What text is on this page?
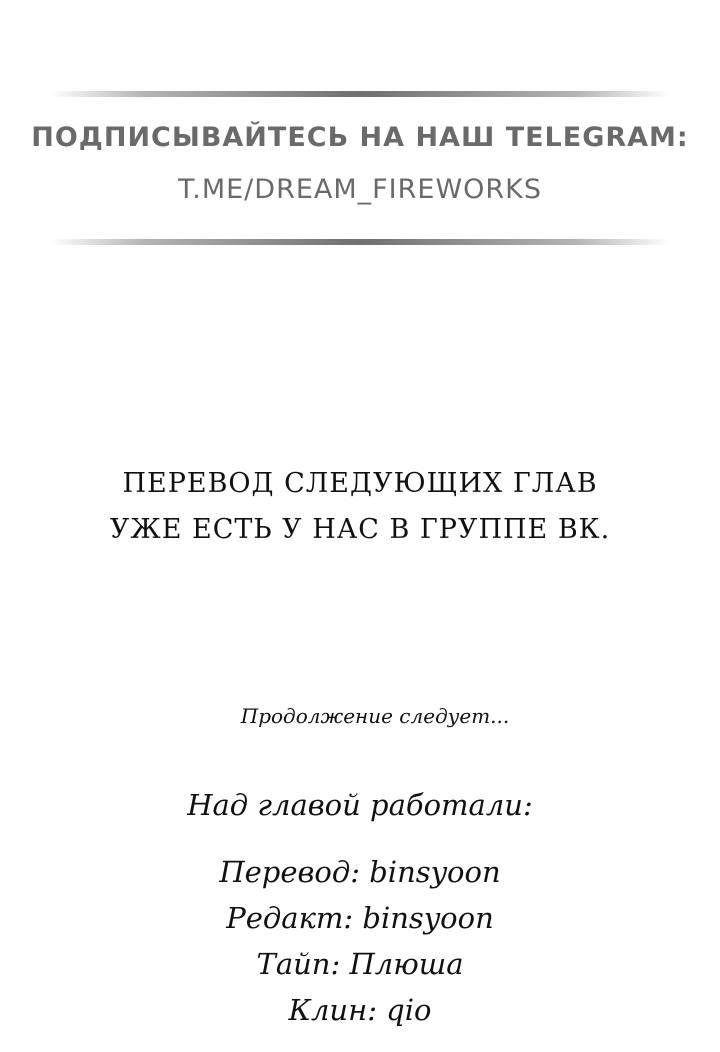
ПОДПИСЫВАЙТЕСЬ НА НАШ TELEGRAM:
T.ME/DREAM_FIREWORKS
ПЕРЕВОД СЛЕДУЮЩИХ ГЛАВ
УЖЕ ЕСТЬ У НАС В ГРУППЕ ВК.
Продолжение следует...
Над главой работали:
Перевод: binsyoon
Редакт: binsyoon
Тайп: Плюша
Клин: qio
